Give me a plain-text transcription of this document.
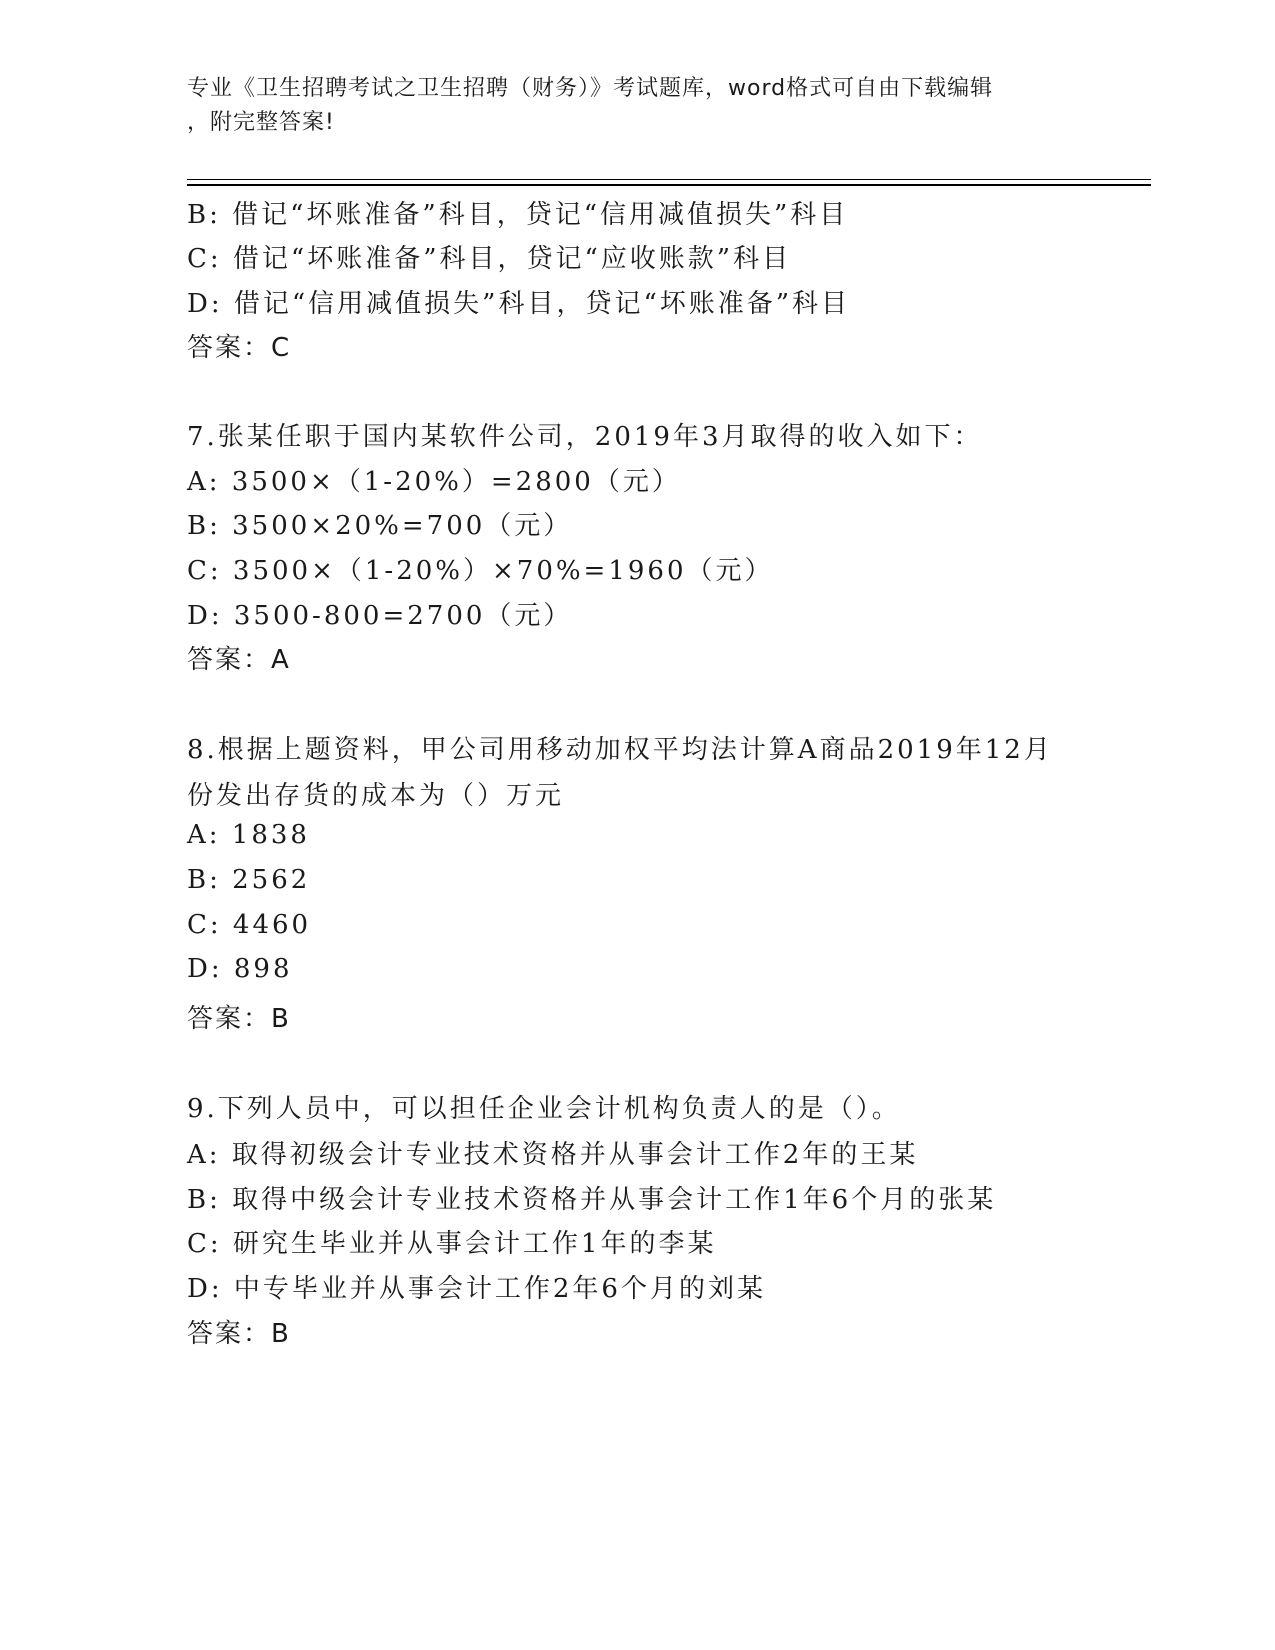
专业《卫生招聘考试之卫生招聘（财务）》考试题库，word格式可自由下载编辑
，附完整答案!
B: 借记“坏账准备”科目，贷记“信用减值损失”科目
C: 借记“坏账准备”科目，贷记“应收账款”科目
D: 借记“信用减值损失”科目，贷记“坏账准备”科目
答案：C
7.张某任职于国内某软件公司，2019年3月取得的收入如下：
A: 3500×（1-20%）=2800（元）
B: 3500×20%=700（元）
C: 3500×（1-20%）×70%=1960（元）
D: 3500-800=2700（元）
答案：A
8.根据上题资料，甲公司用移动加权平均法计算A商品2019年12月
份发出存货的成本为（）万元
A: 1838
B: 2562
C: 4460
D: 898
答案：B
9.下列人员中，可以担任企业会计机构负责人的是（）。
A: 取得初级会计专业技术资格并从事会计工作2年的王某
B: 取得中级会计专业技术资格并从事会计工作1年6个月的张某
C: 研究生毕业并从事会计工作1年的李某
D: 中专毕业并从事会计工作2年6个月的刘某
答案：B
